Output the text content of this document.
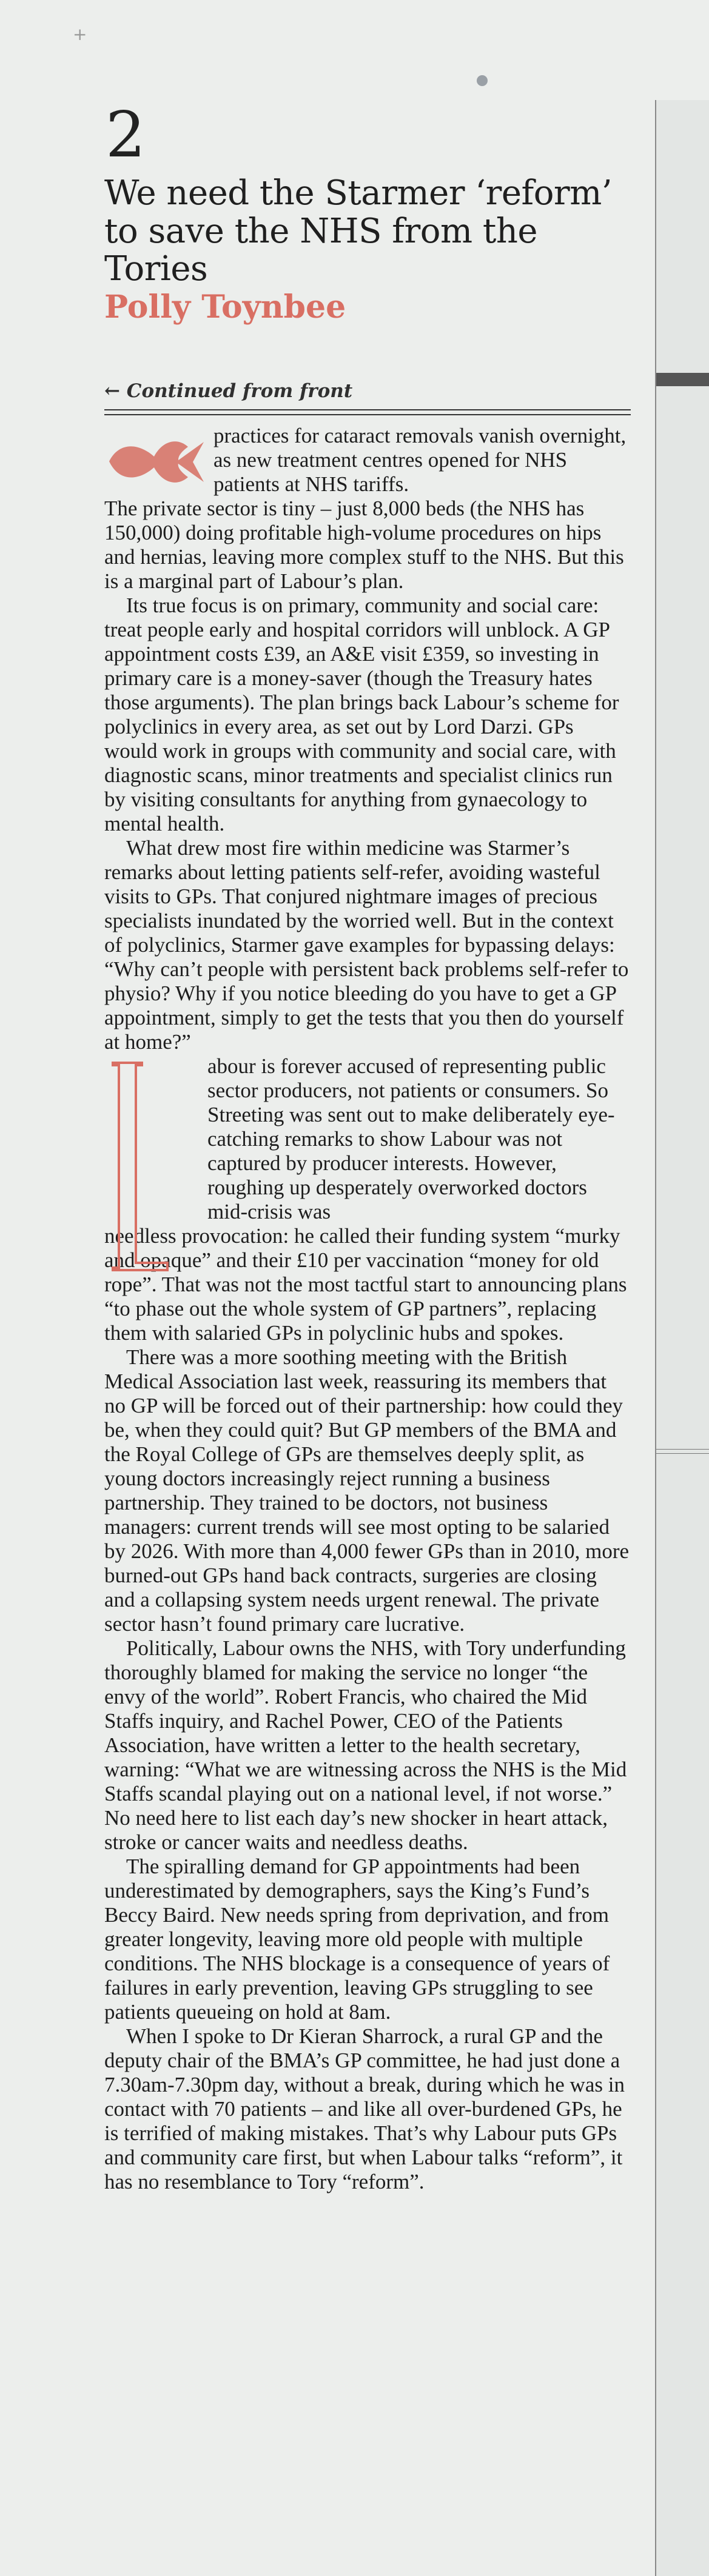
+
2
We need the Starmer ‘reform’ to save the NHS from the Tories
Polly Toynbee
← Continued from front

practices for cataract removals vanish overnight, as new treatment centres opened for NHS patients at NHS tariffs.

The private sector is tiny – just 8,000 beds (the NHS has 150,000) doing profitable high-volume procedures on hips and hernias, leaving more complex stuff to the NHS. But this is a marginal part of Labour’s plan.

Its true focus is on primary, community and social care: treat people early and hospital corridors will unblock. A GP appointment costs £39, an A&E visit £359, so investing in primary care is a money-saver (though the Treasury hates those arguments). The plan brings back Labour’s scheme for polyclinics in every area, as set out by Lord Darzi. GPs would work in groups with community and social care, with diagnostic scans, minor treatments and specialist clinics run by visiting consultants for anything from gynaecology to mental health.

What drew most fire within medicine was Starmer’s remarks about letting patients self-refer, avoiding wasteful visits to GPs. That conjured nightmare images of precious specialists inundated by the worried well. But in the context of polyclinics, Starmer gave examples for bypassing delays: “Why can’t people with persistent back problems self-refer to physio? Why if you notice bleeding do you have to get a GP appointment, simply to get the tests that you then do yourself at home?”

abour is forever accused of representing public sector producers, not patients or consumers. So Streeting was sent out to make deliberately eye-catching remarks to show Labour was not captured by producer interests. However, roughing up desperately overworked doctors mid-crisis was

needless provocation: he called their funding system “murky and opaque” and their £10 per vaccination “money for old rope”. That was not the most tactful start to announcing plans “to phase out the whole system of GP partners”, replacing them with salaried GPs in polyclinic hubs and spokes.

There was a more soothing meeting with the British Medical Association last week, reassuring its members that no GP will be forced out of their partnership: how could they be, when they could quit? But GP members of the BMA and the Royal College of GPs are themselves deeply split, as young doctors increasingly reject running a business partnership. They trained to be doctors, not business managers: current trends will see most opting to be salaried by 2026. With more than 4,000 fewer GPs than in 2010, more burned-out GPs hand back contracts, surgeries are closing and a collapsing system needs urgent renewal. The private sector hasn’t found primary care lucrative.

Politically, Labour owns the NHS, with Tory underfunding thoroughly blamed for making the service no longer “the envy of the world”. Robert Francis, who chaired the Mid Staffs inquiry, and Rachel Power, CEO of the Patients Association, have written a letter to the health secretary, warning: “What we are witnessing across the NHS is the Mid Staffs scandal playing out on a national level, if not worse.” No need here to list each day’s new shocker in heart attack, stroke or cancer waits and needless deaths.

The spiralling demand for GP appointments had been underestimated by demographers, says the King’s Fund’s Beccy Baird. New needs spring from deprivation, and from greater longevity, leaving more old people with multiple conditions. The NHS blockage is a consequence of years of failures in early prevention, leaving GPs struggling to see patients queueing on hold at 8am.

When I spoke to Dr Kieran Sharrock, a rural GP and the deputy chair of the BMA’s GP committee, he had just done a 7.30am-7.30pm day, without a break, during which he was in contact with 70 patients – and like all over-burdened GPs, he is terrified of making mistakes. That’s why Labour puts GPs and community care first, but when Labour talks “reform”, it has no resemblance to Tory “reform”.
